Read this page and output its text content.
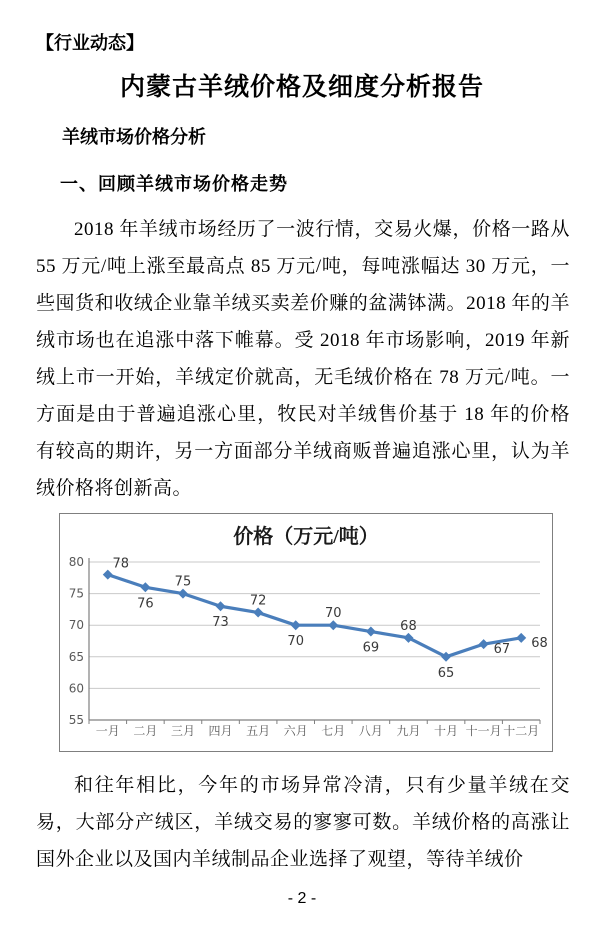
【行业动态】
内蒙古羊绒价格及细度分析报告
羊绒市场价格分析
一、回顾羊绒市场价格走势

2018 年羊绒市场经历了一波行情，交易火爆，价格一路从 55 万元/吨上涨至最高点 85 万元/吨，每吨涨幅达 30 万元，一些囤货和收绒企业靠羊绒买卖差价赚的盆满钵满。2018 年的羊绒市场也在追涨中落下帷幕。受 2018 年市场影响，2019 年新绒上市一开始，羊绒定价就高，无毛绒价格在 78 万元/吨。一方面是由于普遍追涨心里，牧民对羊绒售价基于 18 年的价格有较高的期许，另一方面部分羊绒商贩普遍追涨心里，认为羊绒价格将创新高。

价格（万元/吨）
55
60
65
70
75
80
一月 二月 三月 四月 五月 六月 七月 八月 九月 十月 十一月 十二月
78
76
75
73
72
70
70
69
68
65
67 68

和往年相比，今年的市场异常冷清，只有少量羊绒在交易，大部分产绒区，羊绒交易的寥寥可数。羊绒价格的高涨让国外企业以及国内羊绒制品企业选择了观望，等待羊绒价

- 2 -
